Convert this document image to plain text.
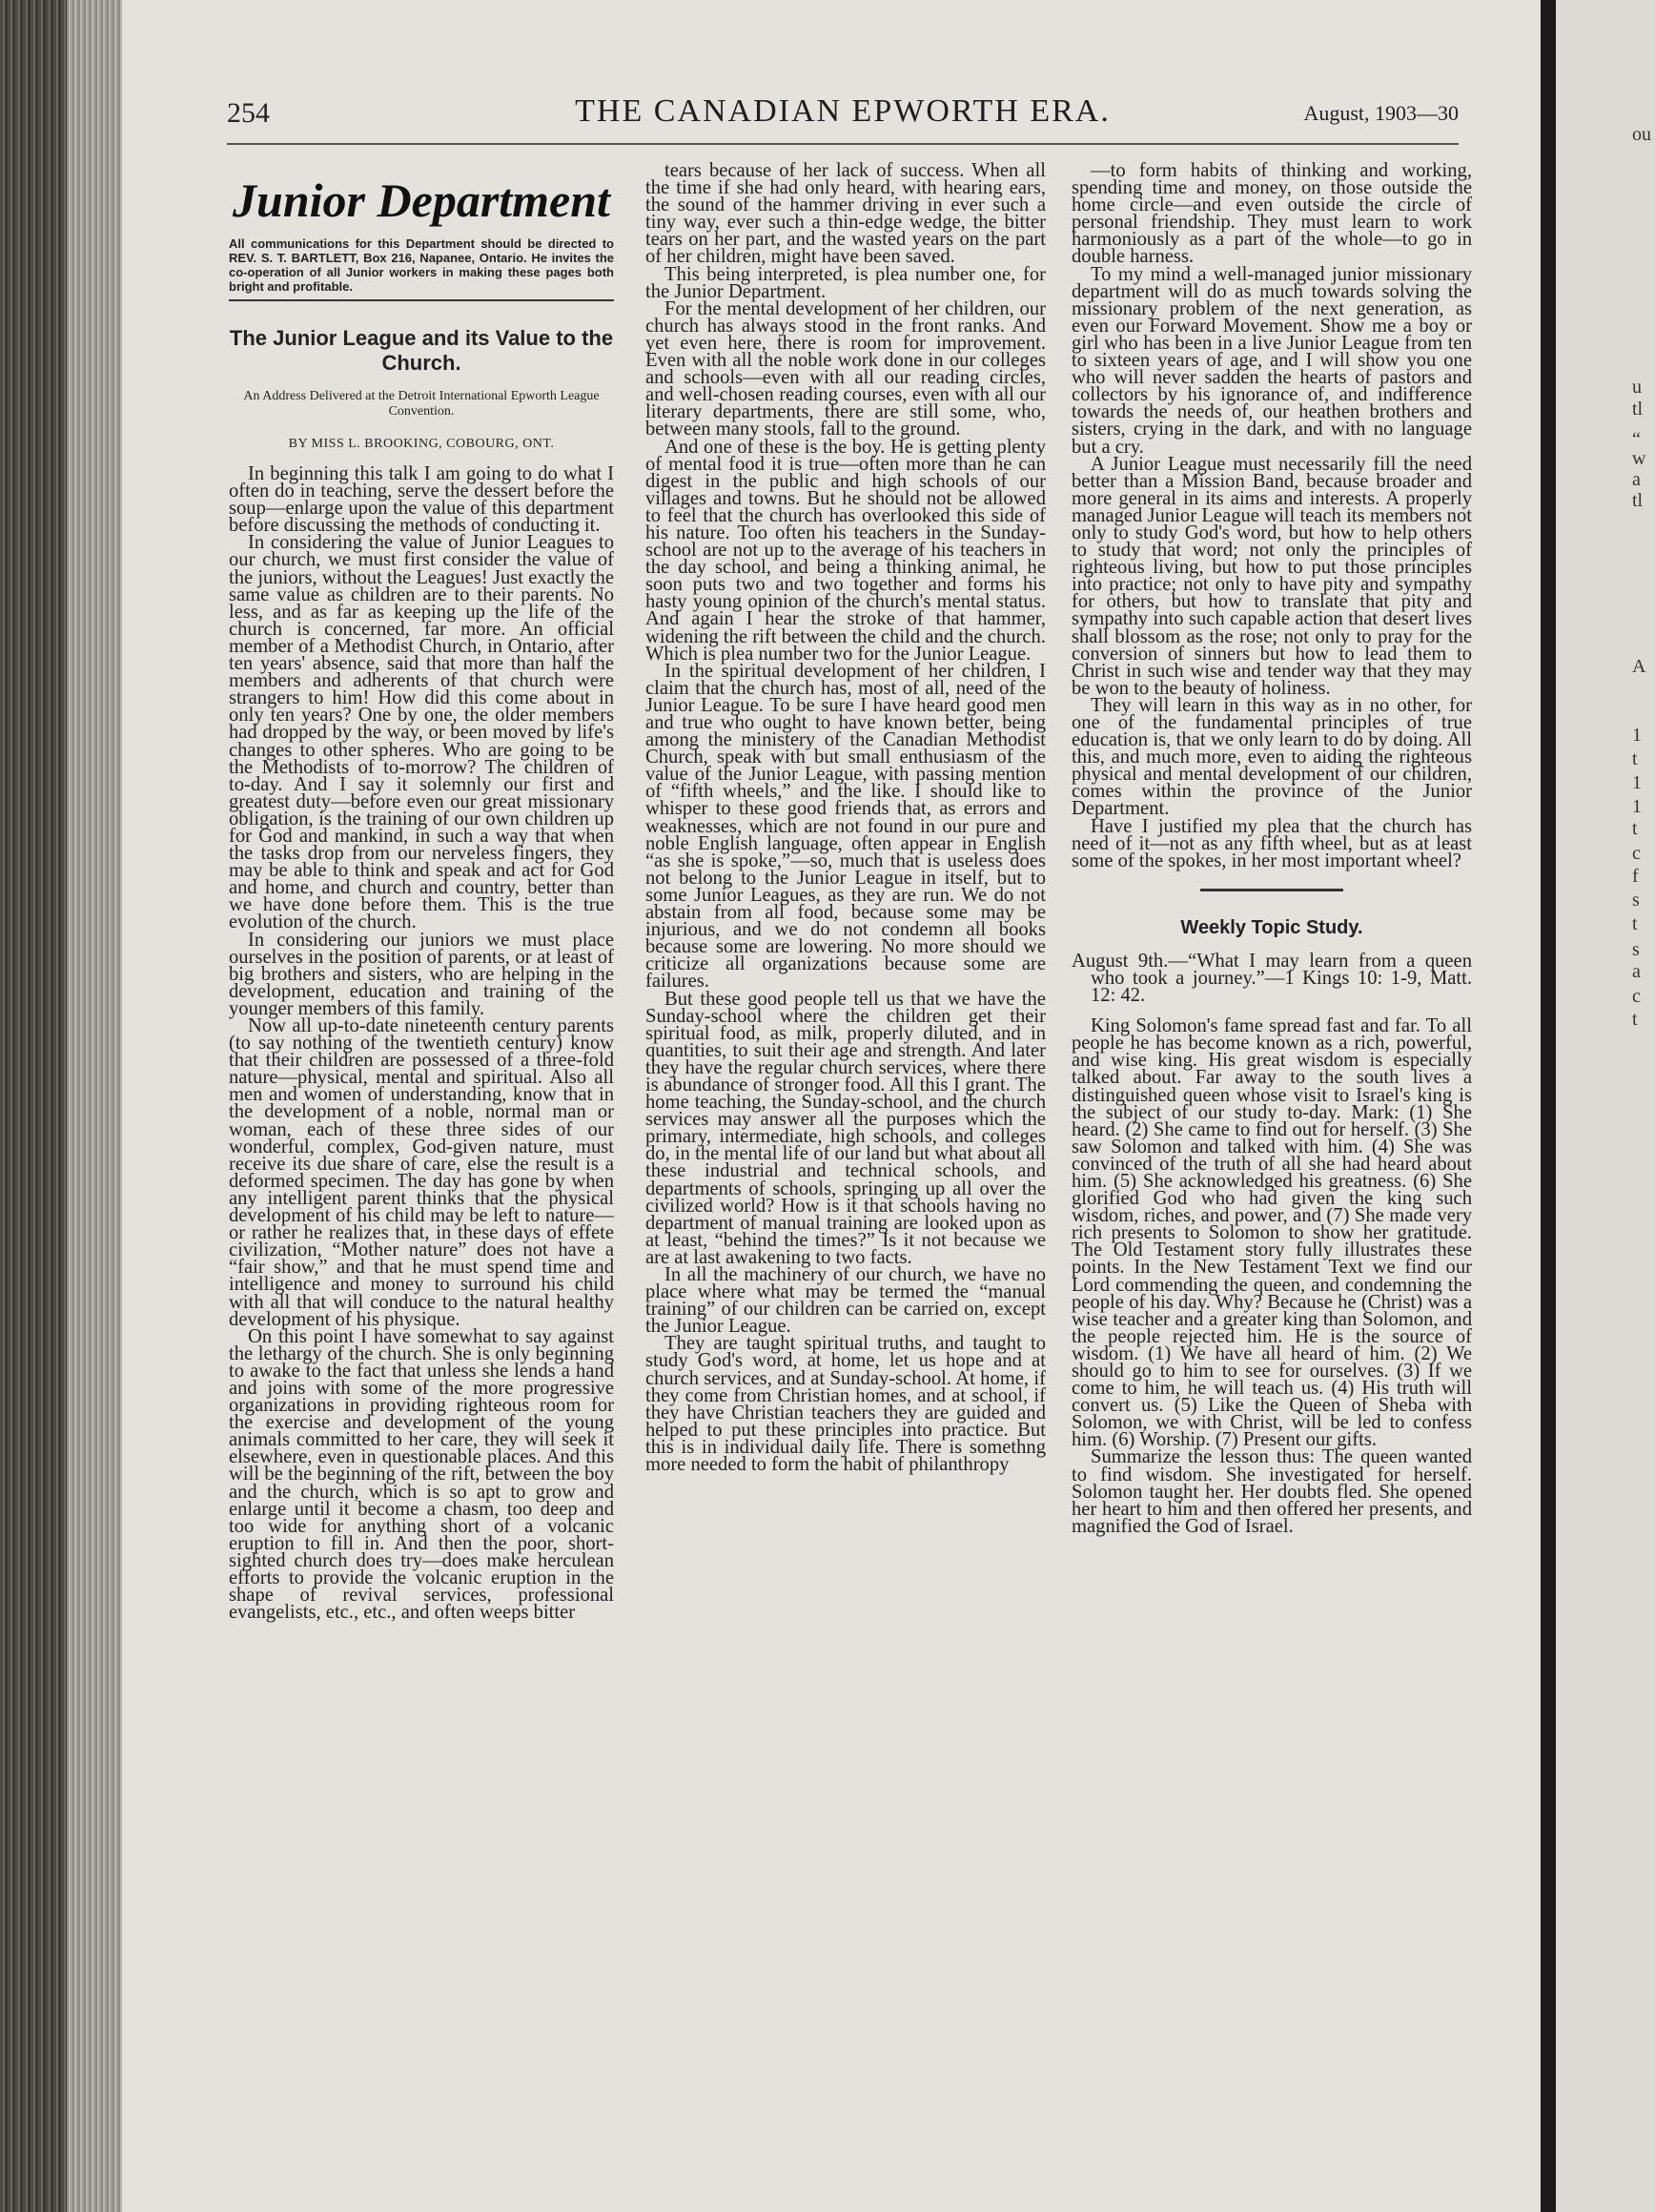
ou
u
tl
“
w
a
tl
A
1
t
1
1
t
c
f
s
t
s
a
c
t
254	THE CANADIAN EPWORTH ERA.	August, 1903—30
Junior Department
All communications for this Department should be directed to REV. S. T. BARTLETT, Box 216, Napanee, Ontario. He invites the co-operation of all Junior workers in making these pages both bright and profitable.
The Junior League and its Value to the Church.
An Address Delivered at the Detroit International Epworth League Convention.
BY MISS L. BROOKING, COBOURG, ONT.

In beginning this talk I am going to do what I often do in teaching, serve the dessert before the soup—enlarge upon the value of this department before discussing the methods of conducting it.

In considering the value of Junior Leagues to our church, we must first consider the value of the juniors, without the Leagues! Just exactly the same value as children are to their parents. No less, and as far as keeping up the life of the church is concerned, far more. An official member of a Methodist Church, in Ontario, after ten years' absence, said that more than half the members and adherents of that church were strangers to him! How did this come about in only ten years? One by one, the older members had dropped by the way, or been moved by life's changes to other spheres. Who are going to be the Methodists of to-morrow? The children of to-day. And I say it solemnly our first and greatest duty—before even our great missionary obligation, is the training of our own children up for God and mankind, in such a way that when the tasks drop from our nerveless fingers, they may be able to think and speak and act for God and home, and church and country, better than we have done before them. This is the true evolution of the church.

In considering our juniors we must place ourselves in the position of parents, or at least of big brothers and sisters, who are helping in the development, education and training of the younger members of this family.

Now all up-to-date nineteenth century parents (to say nothing of the twentieth century) know that their children are possessed of a three-fold nature—physical, mental and spiritual. Also all men and women of understanding, know that in the development of a noble, normal man or woman, each of these three sides of our wonderful, complex, God-given nature, must receive its due share of care, else the result is a deformed specimen. The day has gone by when any intelligent parent thinks that the physical development of his child may be left to nature—or rather he realizes that, in these days of effete civilization, “Mother nature” does not have a “fair show,” and that he must spend time and intelligence and money to surround his child with all that will conduce to the natural healthy development of his physique.

On this point I have somewhat to say against the lethargy of the church. She is only beginning to awake to the fact that unless she lends a hand and joins with some of the more progressive organizations in providing righteous room for the exercise and development of the young animals committed to her care, they will seek it elsewhere, even in questionable places. And this will be the beginning of the rift, between the boy and the church, which is so apt to grow and enlarge until it become a chasm, too deep and too wide for anything short of a volcanic eruption to fill in. And then the poor, short-sighted church does try—does make herculean efforts to provide the volcanic eruption in the shape of revival services, professional evangelists, etc., etc., and often weeps bitter

tears because of her lack of success. When all the time if she had only heard, with hearing ears, the sound of the hammer driving in ever such a tiny way, ever such a thin-edge wedge, the bitter tears on her part, and the wasted years on the part of her children, might have been saved.

This being interpreted, is plea number one, for the Junior Department.

For the mental development of her children, our church has always stood in the front ranks. And yet even here, there is room for improvement. Even with all the noble work done in our colleges and schools—even with all our reading circles, and well-chosen reading courses, even with all our literary departments, there are still some, who, between many stools, fall to the ground.

And one of these is the boy. He is getting plenty of mental food it is true—often more than he can digest in the public and high schools of our villages and towns. But he should not be allowed to feel that the church has overlooked this side of his nature. Too often his teachers in the Sunday-school are not up to the average of his teachers in the day school, and being a thinking animal, he soon puts two and two together and forms his hasty young opinion of the church's mental status. And again I hear the stroke of that hammer, widening the rift between the child and the church. Which is plea number two for the Junior League.

In the spiritual development of her children, I claim that the church has, most of all, need of the Junior League. To be sure I have heard good men and true who ought to have known better, being among the ministery of the Canadian Methodist Church, speak with but small enthusiasm of the value of the Junior League, with passing mention of “fifth wheels,” and the like. I should like to whisper to these good friends that, as errors and weaknesses, which are not found in our pure and noble English language, often appear in English “as she is spoke,”—so, much that is useless does not belong to the Junior League in itself, but to some Junior Leagues, as they are run. We do not abstain from all food, because some may be injurious, and we do not condemn all books because some are lowering. No more should we criticize all organizations because some are failures.

But these good people tell us that we have the Sunday-school where the children get their spiritual food, as milk, properly diluted, and in quantities, to suit their age and strength. And later they have the regular church services, where there is abundance of stronger food. All this I grant. The home teaching, the Sunday-school, and the church services may answer all the purposes which the primary, intermediate, high schools, and colleges do, in the mental life of our land but what about all these industrial and technical schools, and departments of schools, springing up all over the civilized world? How is it that schools having no department of manual training are looked upon as at least, “behind the times?” Is it not because we are at last awakening to two facts.

In all the machinery of our church, we have no place where what may be termed the “manual training” of our children can be carried on, except the Junior League.

They are taught spiritual truths, and taught to study God's word, at home, let us hope and at church services, and at Sunday-school. At home, if they come from Christian homes, and at school, if they have Christian teachers they are guided and helped to put these principles into practice. But this is in individual daily life. There is somethng more needed to form the habit of philanthropy

—to form habits of thinking and working, spending time and money, on those outside the home circle—and even outside the circle of personal friendship. They must learn to work harmoniously as a part of the whole—to go in double harness.

To my mind a well-managed junior missionary department will do as much towards solving the missionary problem of the next generation, as even our Forward Movement. Show me a boy or girl who has been in a live Junior League from ten to sixteen years of age, and I will show you one who will never sadden the hearts of pastors and collectors by his ignorance of, and indifference towards the needs of, our heathen brothers and sisters, crying in the dark, and with no language but a cry.

A Junior League must necessarily fill the need better than a Mission Band, because broader and more general in its aims and interests. A properly managed Junior League will teach its members not only to study God's word, but how to help others to study that word; not only the principles of righteous living, but how to put those principles into practice; not only to have pity and sympathy for others, but how to translate that pity and sympathy into such capable action that desert lives shall blossom as the rose; not only to pray for the conversion of sinners but how to lead them to Christ in such wise and tender way that they may be won to the beauty of holiness.

They will learn in this way as in no other, for one of the fundamental principles of true education is, that we only learn to do by doing. All this, and much more, even to aiding the righteous physical and mental development of our children, comes within the province of the Junior Department.

Have I justified my plea that the church has need of it—not as any fifth wheel, but as at least some of the spokes, in her most important wheel?

Weekly Topic Study.

August 9th.—“What I may learn from a queen who took a journey.”—1 Kings 10: 1-9, Matt. 12: 42.

King Solomon's fame spread fast and far. To all people he has become known as a rich, powerful, and wise king. His great wisdom is especially talked about. Far away to the south lives a distinguished queen whose visit to Israel's king is the subject of our study to-day. Mark: (1) She heard. (2) She came to find out for herself. (3) She saw Solomon and talked with him. (4) She was convinced of the truth of all she had heard about him. (5) She acknowledged his greatness. (6) She glorified God who had given the king such wisdom, riches, and power, and (7) She made very rich presents to Solomon to show her gratitude. The Old Testament story fully illustrates these points. In the New Testament Text we find our Lord commending the queen, and condemning the people of his day. Why? Because he (Christ) was a wise teacher and a greater king than Solomon, and the people rejected him. He is the source of wisdom. (1) We have all heard of him. (2) We should go to him to see for ourselves. (3) If we come to him, he will teach us. (4) His truth will convert us. (5) Like the Queen of Sheba with Solomon, we with Christ, will be led to confess him. (6) Worship. (7) Present our gifts.

Summarize the lesson thus: The queen wanted to find wisdom. She investigated for herself. Solomon taught her. Her doubts fled. She opened her heart to him and then offered her presents, and magnified the God of Israel.
